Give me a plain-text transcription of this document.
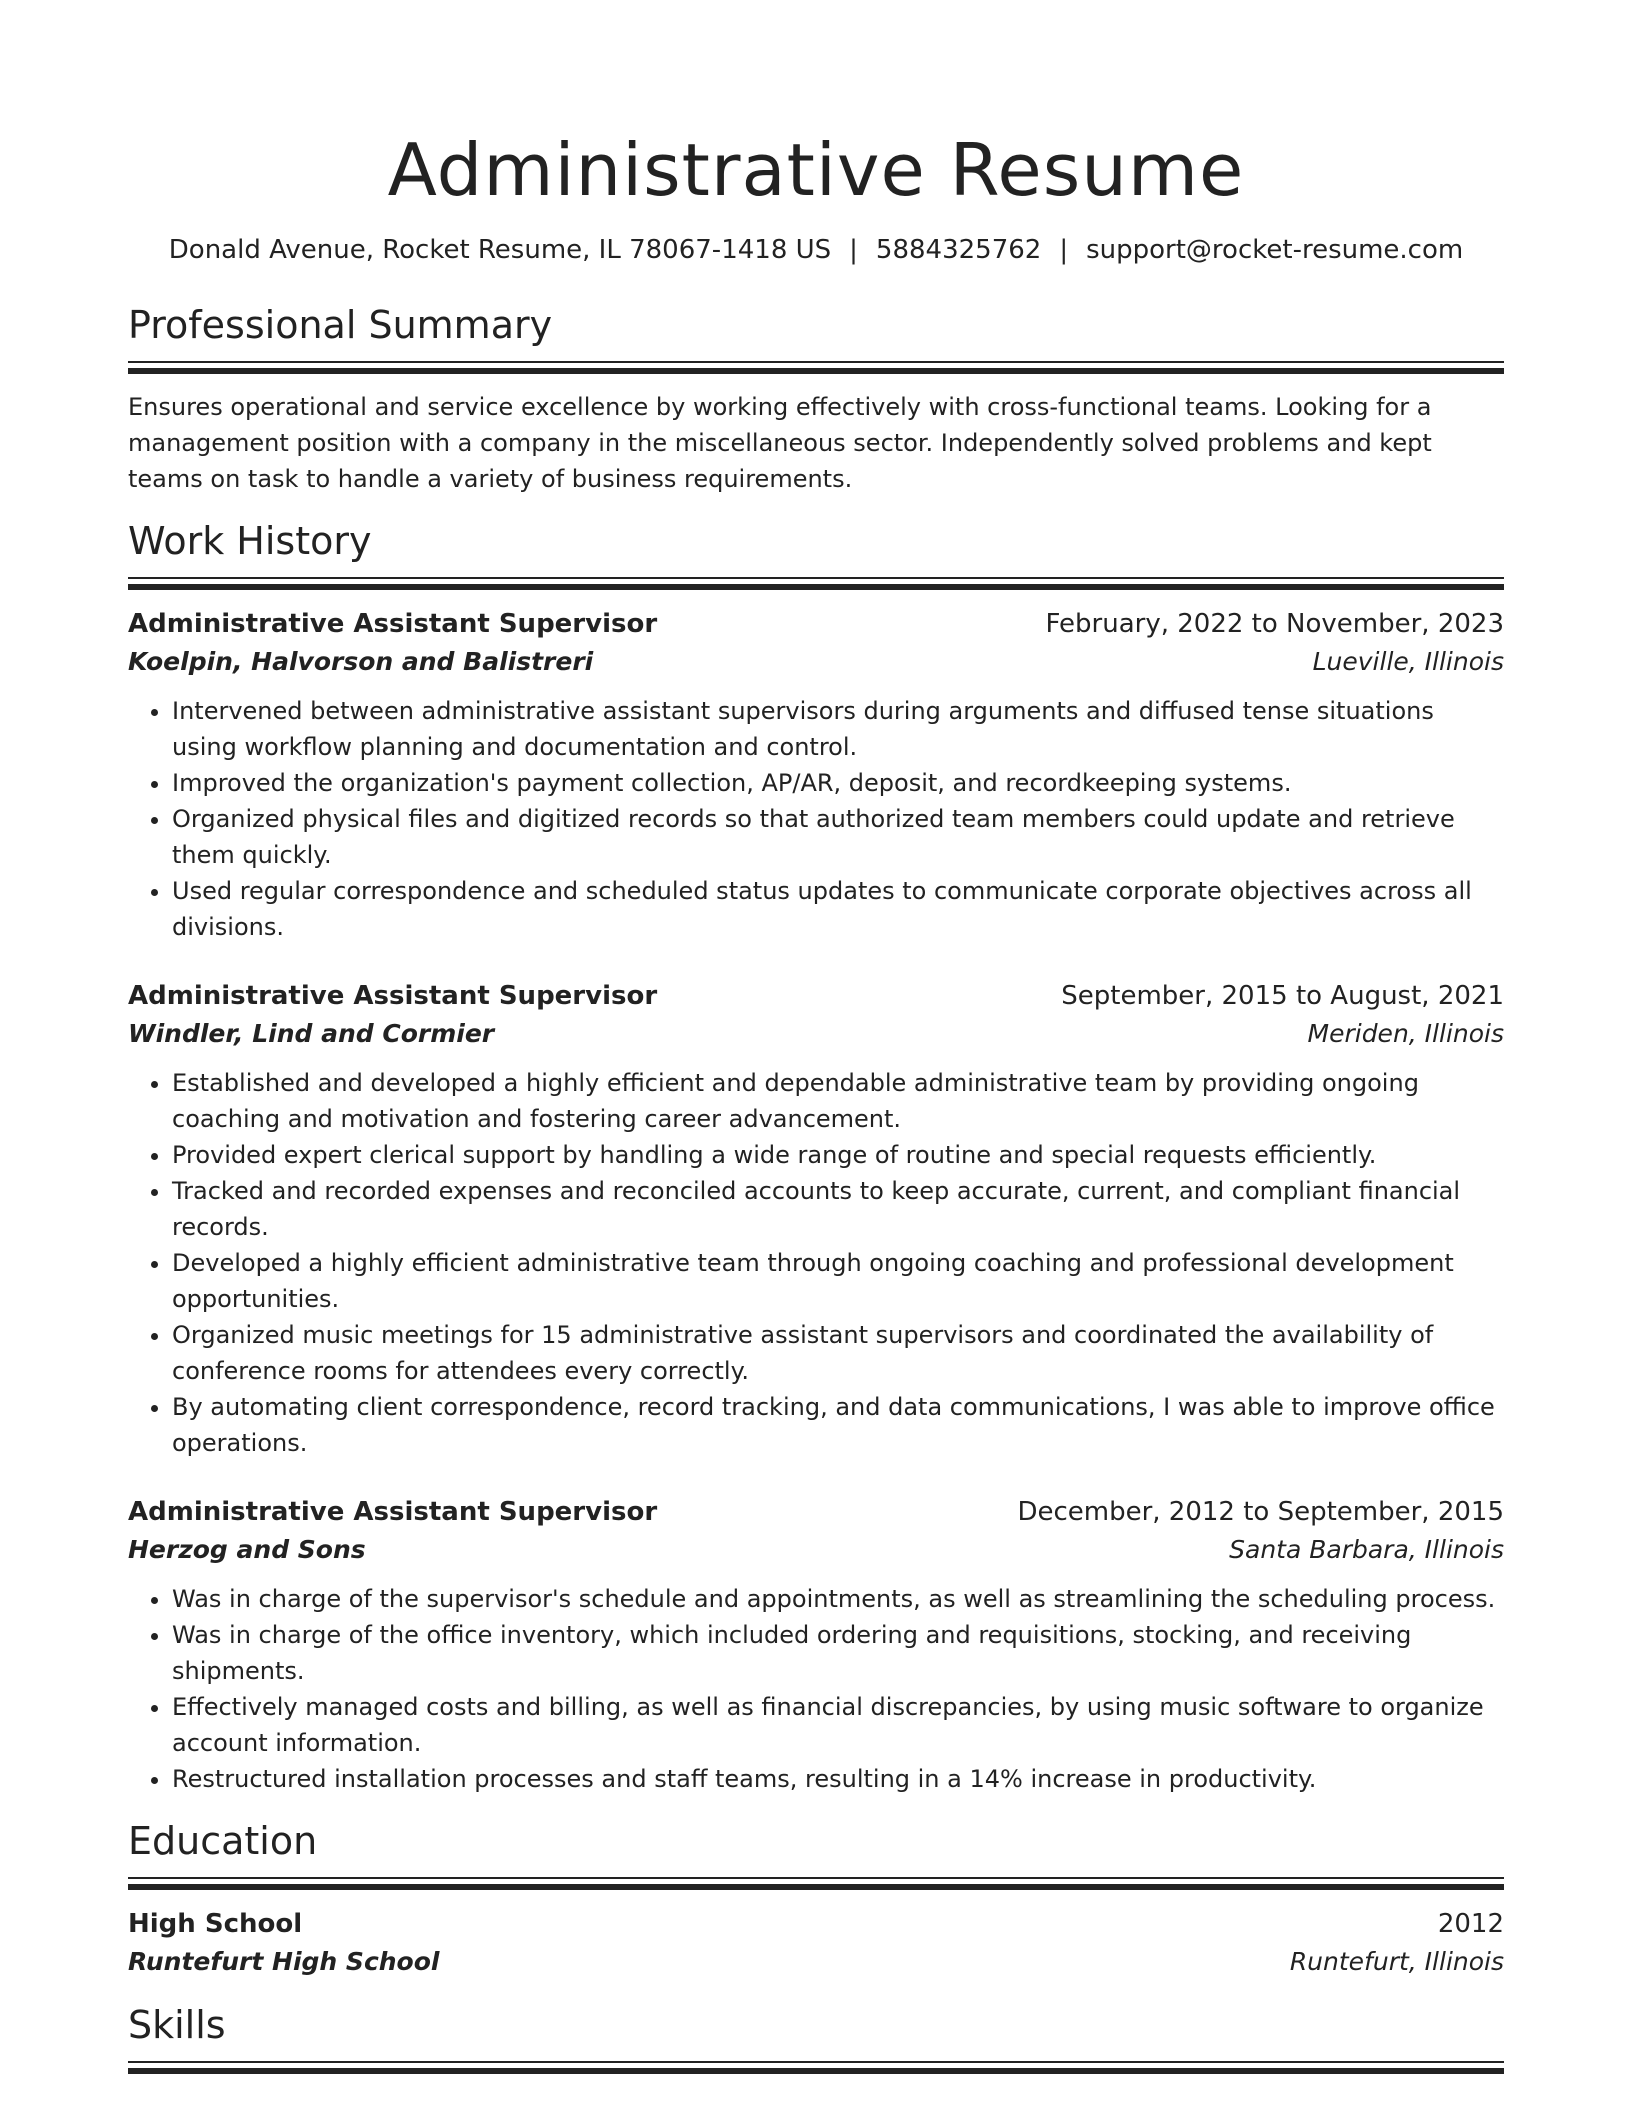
Administrative Resume
Donald Avenue, Rocket Resume, IL 78067-1418 US | 5884325762 | support@rocket-resume.com
Professional Summary
Ensures operational and service excellence by working effectively with cross-functional teams. Looking for a management position with a company in the miscellaneous sector. Independently solved problems and kept teams on task to handle a variety of business requirements.
Work History
Administrative Assistant Supervisor	February, 2022 to November, 2023
Koelpin, Halvorson and Balistreri	Lueville, Illinois
• Intervened between administrative assistant supervisors during arguments and diffused tense situations using workflow planning and documentation and control.
• Improved the organization's payment collection, AP/AR, deposit, and recordkeeping systems.
• Organized physical files and digitized records so that authorized team members could update and retrieve them quickly.
• Used regular correspondence and scheduled status updates to communicate corporate objectives across all divisions.
Administrative Assistant Supervisor	September, 2015 to August, 2021
Windler, Lind and Cormier	Meriden, Illinois
• Established and developed a highly efficient and dependable administrative team by providing ongoing coaching and motivation and fostering career advancement.
• Provided expert clerical support by handling a wide range of routine and special requests efficiently.
• Tracked and recorded expenses and reconciled accounts to keep accurate, current, and compliant financial records.
• Developed a highly efficient administrative team through ongoing coaching and professional development opportunities.
• Organized music meetings for 15 administrative assistant supervisors and coordinated the availability of conference rooms for attendees every correctly.
• By automating client correspondence, record tracking, and data communications, I was able to improve office operations.
Administrative Assistant Supervisor	December, 2012 to September, 2015
Herzog and Sons	Santa Barbara, Illinois
• Was in charge of the supervisor's schedule and appointments, as well as streamlining the scheduling process.
• Was in charge of the office inventory, which included ordering and requisitions, stocking, and receiving shipments.
• Effectively managed costs and billing, as well as financial discrepancies, by using music software to organize account information.
• Restructured installation processes and staff teams, resulting in a 14% increase in productivity.
Education
High School	2012
Runtefurt High School	Runtefurt, Illinois
Skills
